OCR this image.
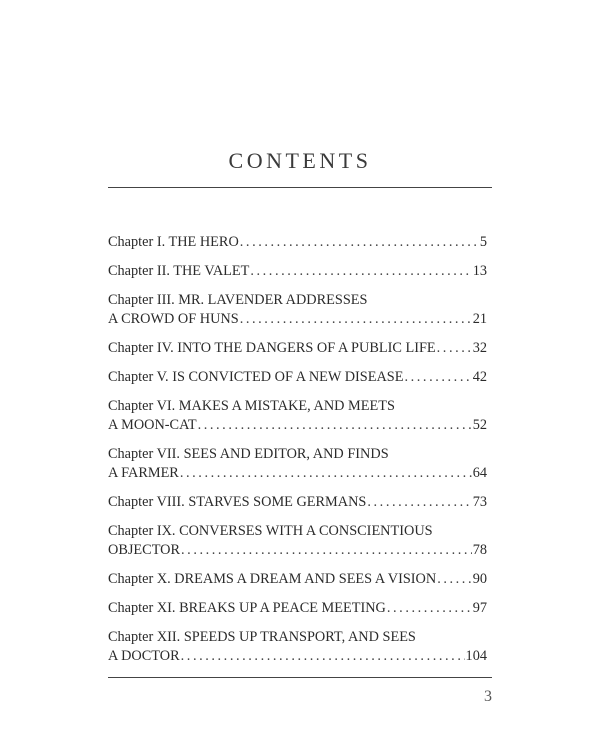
CONTENTS
Chapter I. THE HERO . . .	5
Chapter II. THE VALET . . .	13
Chapter III. MR. LAVENDER ADDRESSES
A CROWD OF HUNS . . .	21
Chapter IV. INTO THE DANGERS OF A PUBLIC LIFE . . .	32
Chapter V. IS CONVICTED OF A NEW DISEASE . . .	42
Chapter VI. MAKES A MISTAKE, AND MEETS
A MOON-CAT . . .	52
Chapter VII. SEES AND EDITOR, AND FINDS
A FARMER . . .	64
Chapter VIII. STARVES SOME GERMANS . . .	73
Chapter IX. CONVERSES WITH A CONSCIENTIOUS
OBJECTOR . . .	78
Chapter X. DREAMS A DREAM AND SEES A VISION . . .	90
Chapter XI. BREAKS UP A PEACE MEETING . . .	97
Chapter XII. SPEEDS UP TRANSPORT, AND SEES
A DOCTOR . . .	104
3
